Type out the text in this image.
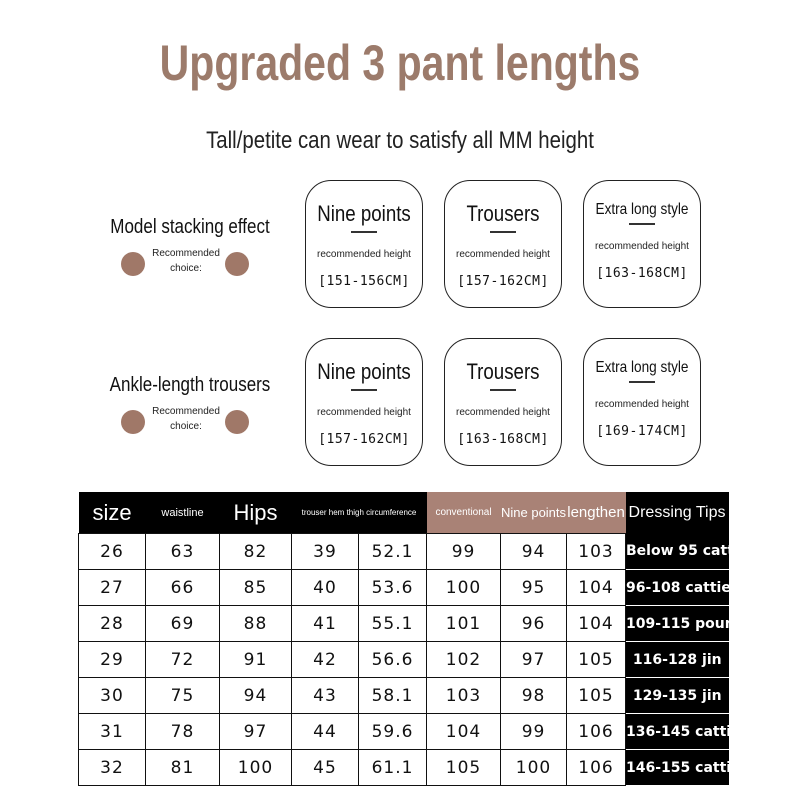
Upgraded 3 pant lengths
Tall/petite can wear to satisfy all MM height
Model stacking effect
Recommended choice:
Nine points
recommended height
[151-156CM]
Trousers
recommended height
[157-162CM]
Extra long style
recommended height
[163-168CM]
Ankle-length trousers
Recommended choice:
Nine points
recommended height
[157-162CM]
Trousers
recommended height
[163-168CM]
Extra long style
recommended height
[169-174CM]
size	waistline	Hips	trouser hem thigh circumference		conventional	Nine points	lengthen	Dressing Tips
26	63	82	39	52.1	99	94	103	Below 95 catties
27	66	85	40	53.6	100	95	104	96-108 catties
28	69	88	41	55.1	101	96	104	109-115 pounds
29	72	91	42	56.6	102	97	105	116-128 jin
30	75	94	43	58.1	103	98	105	129-135 jin
31	78	97	44	59.6	104	99	106	136-145 catties
32	81	100	45	61.1	105	100	106	146-155 catties
